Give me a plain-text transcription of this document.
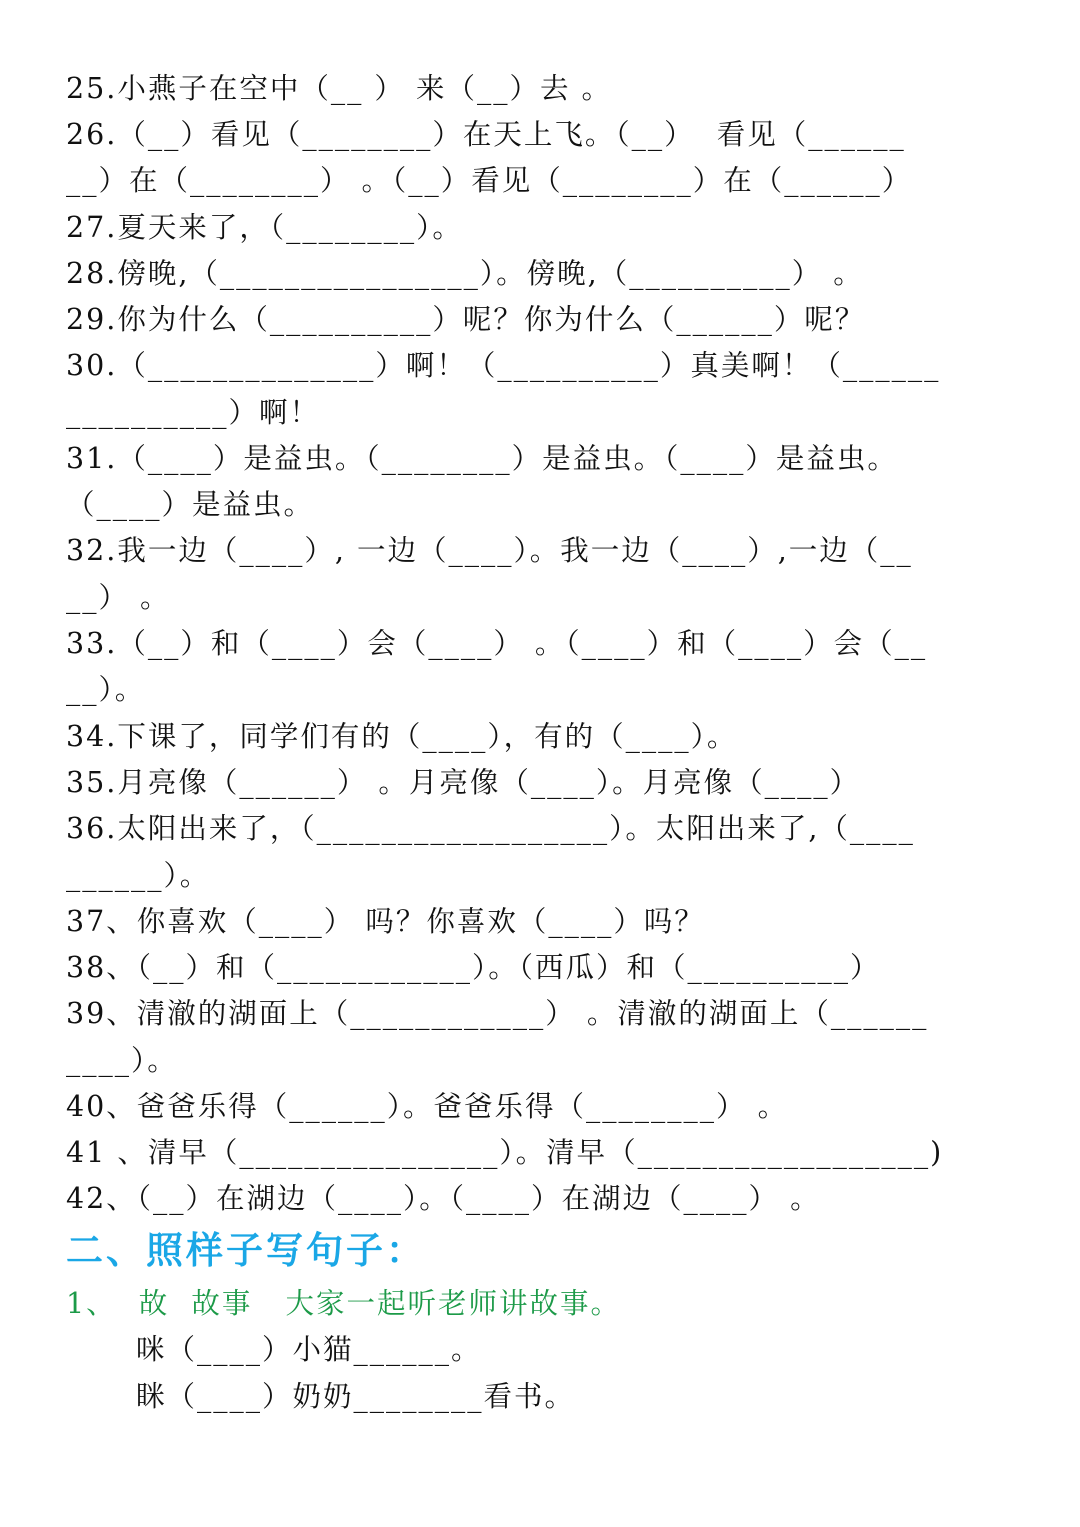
25.小燕子在空中（__ ） 来（__）去 。
26.（__）看见（________）在天上飞。（__）  看见（______
__）在（________） 。（__）看见（________）在（______）
27.夏天来了，（________）。
28.傍晚,（________________）。傍晚,（__________） 。
29.你为什么（__________）呢？你为什么（______）呢？
30.（______________）啊！（__________）真美啊！（______
__________）啊！
31.（____）是益虫。（________）是益虫。（____）是益虫。
（____）是益虫。
32.我一边（____）, 一边（____）。我一边（____）,一边（__
__） 。
33.（__）和（____）会（____） 。（____）和（____）会（__
__）。
34.下课了，同学们有的（____），有的（____）。
35.月亮像（______） 。月亮像（____）。月亮像（____）
36.太阳出来了，（__________________）。太阳出来了,（____
______）。
37、你喜欢（____） 吗？你喜欢（____）吗？
38、（__）和（____________）。（西瓜）和（__________）
39、清澈的湖面上（____________） 。清澈的湖面上（______
____）。
40、爸爸乐得（______）。爸爸乐得（________） 。
41 、清早（________________）。清早（__________________)
42、（__）在湖边（____）。（____）在湖边（____） 。
二、照样子写句子：
1、  故  故事   大家一起听老师讲故事。
咪（____）小猫______。
眯（____）奶奶________看书。
